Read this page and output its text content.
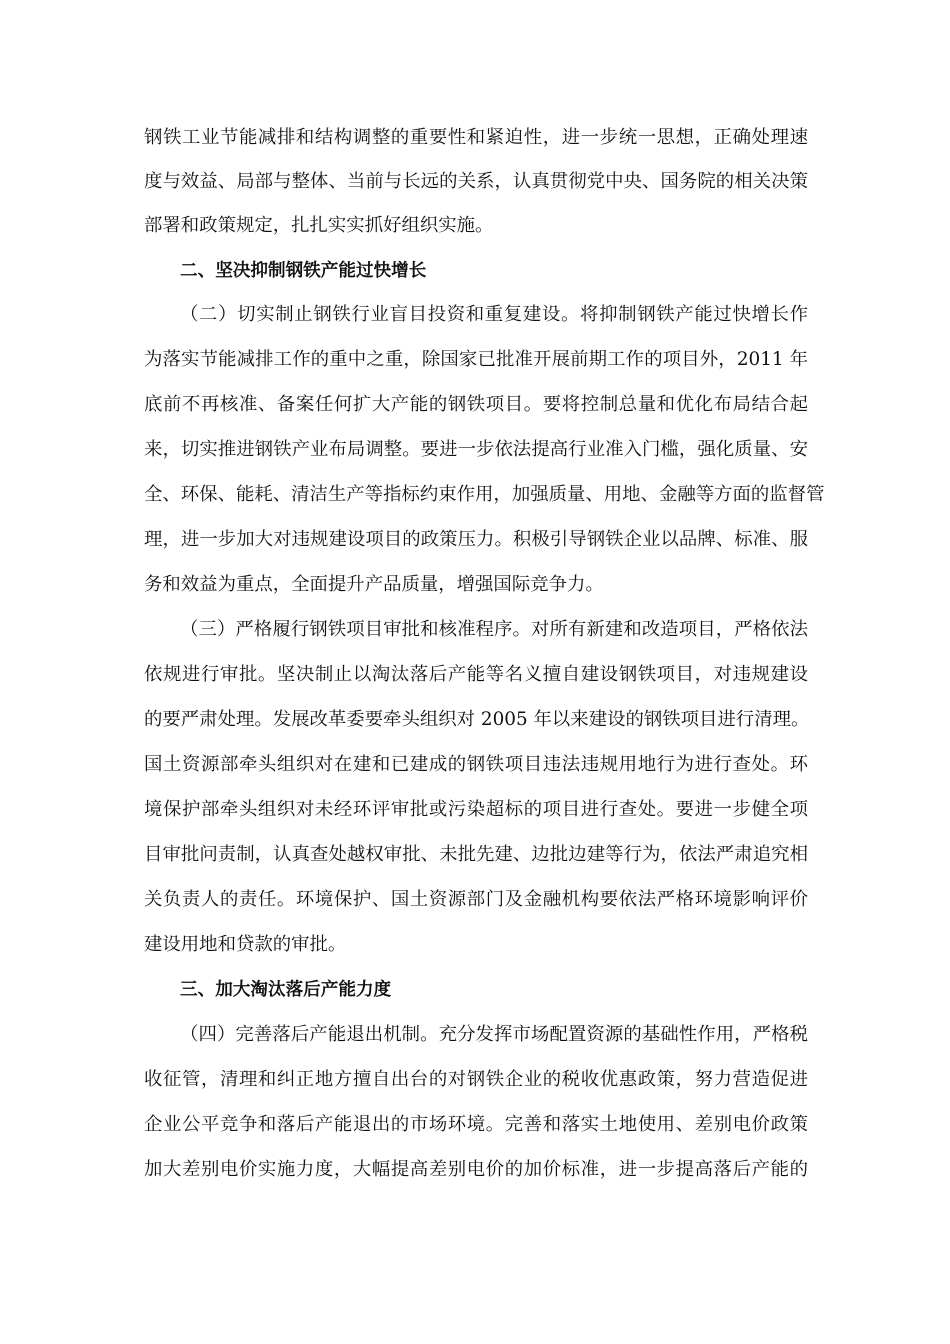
钢铁工业节能减排和结构调整的重要性和紧迫性，进一步统一思想，正确处理速
度与效益、局部与整体、当前与长远的关系，认真贯彻党中央、国务院的相关决策
部署和政策规定，扎扎实实抓好组织实施。
二、坚决抑制钢铁产能过快增长
（二）切实制止钢铁行业盲目投资和重复建设。将抑制钢铁产能过快增长作
为落实节能减排工作的重中之重，除国家已批准开展前期工作的项目外，2011 年
底前不再核准、备案任何扩大产能的钢铁项目。要将控制总量和优化布局结合起
来，切实推进钢铁产业布局调整。要进一步依法提高行业准入门槛，强化质量、安
全、环保、能耗、清洁生产等指标约束作用，加强质量、用地、金融等方面的监督管
理，进一步加大对违规建设项目的政策压力。积极引导钢铁企业以品牌、标准、服
务和效益为重点，全面提升产品质量，增强国际竞争力。
（三）严格履行钢铁项目审批和核准程序。对所有新建和改造项目，严格依法
依规进行审批。坚决制止以淘汰落后产能等名义擅自建设钢铁项目，对违规建设
的要严肃处理。发展改革委要牵头组织对 2005 年以来建设的钢铁项目进行清理。
国土资源部牵头组织对在建和已建成的钢铁项目违法违规用地行为进行查处。环
境保护部牵头组织对未经环评审批或污染超标的项目进行查处。要进一步健全项
目审批问责制，认真查处越权审批、未批先建、边批边建等行为，依法严肃追究相
关负责人的责任。环境保护、国土资源部门及金融机构要依法严格环境影响评价
建设用地和贷款的审批。
三、加大淘汰落后产能力度
（四）完善落后产能退出机制。充分发挥市场配置资源的基础性作用，严格税
收征管，清理和纠正地方擅自出台的对钢铁企业的税收优惠政策，努力营造促进
企业公平竞争和落后产能退出的市场环境。完善和落实土地使用、差别电价政策
加大差别电价实施力度，大幅提高差别电价的加价标准，进一步提高落后产能的
